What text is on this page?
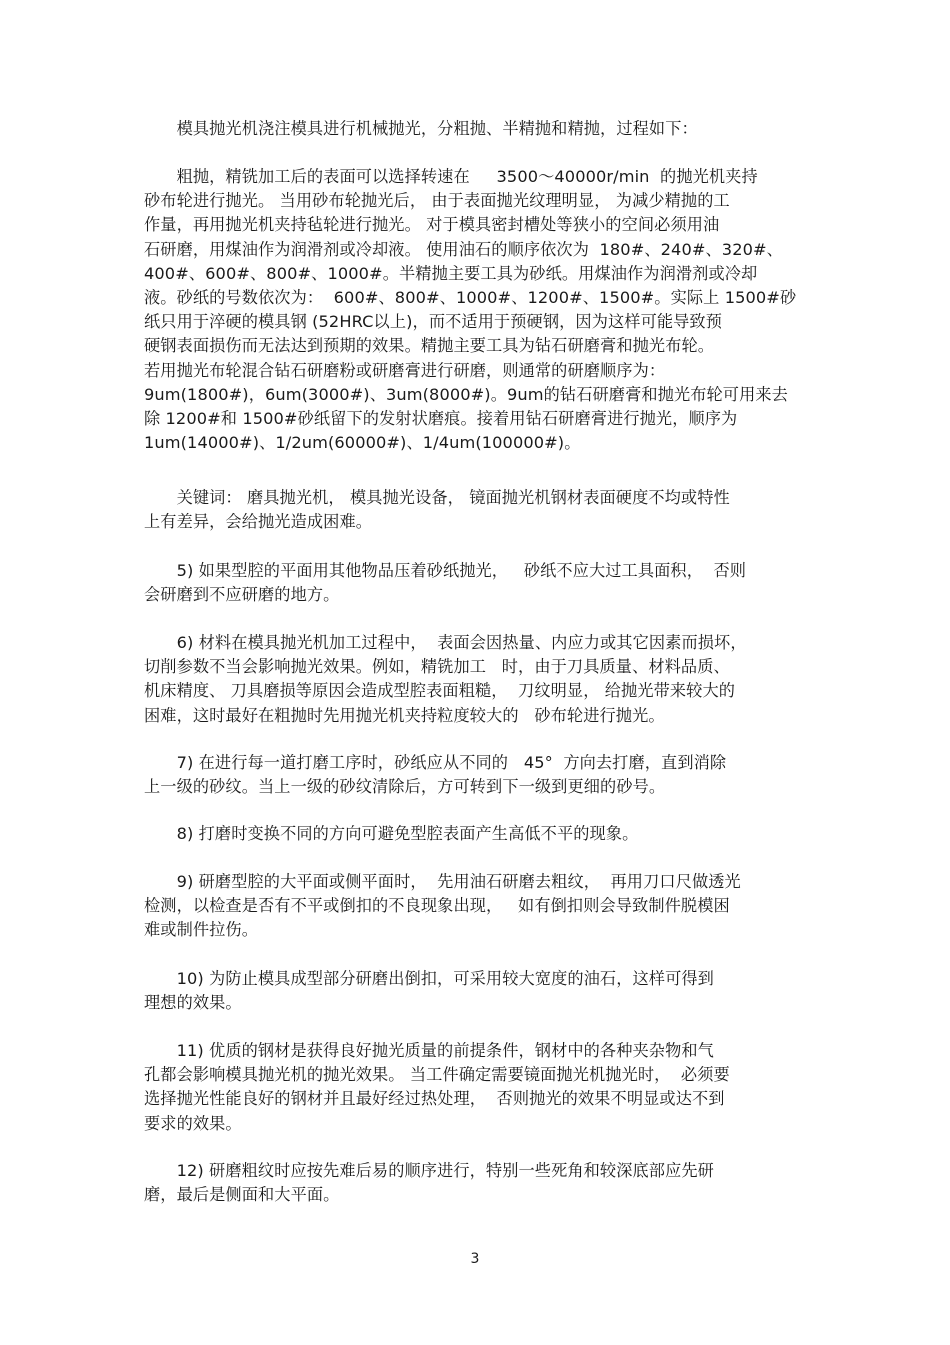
　　模具抛光机浇注模具进行机械抛光，分粗抛、半精抛和精抛，过程如下：
　　粗抛，精铣加工后的表面可以选择转速在　  3500～40000r/min  的抛光机夹持
砂布轮进行抛光。 当用砂布轮抛光后， 由于表面抛光纹理明显， 为减少精抛的工
作量，再用抛光机夹持毡轮进行抛光。 对于模具密封槽处等狭小的空间必须用油
石研磨，用煤油作为润滑剂或冷却液。 使用油石的顺序依次为  180#、240#、320#、
400#、600#、800#、1000#。半精抛主要工具为砂纸。用煤油作为润滑剂或冷却
液。砂纸的号数依次为：  600#、800#、1000#、1200#、1500#。实际上 1500#砂
纸只用于淬硬的模具钢 (52HRC以上)，而不适用于预硬钢，因为这样可能导致预
硬钢表面损伤而无法达到预期的效果。精抛主要工具为钻石研磨膏和抛光布轮。
若用抛光布轮混合钻石研磨粉或研磨膏进行研磨，则通常的研磨顺序为：
9um(1800#)，6um(3000#)、3um(8000#)。9um的钻石研磨膏和抛光布轮可用来去
除 1200#和 1500#砂纸留下的发射状磨痕。接着用钻石研磨膏进行抛光，顺序为
1um(14000#)、1/2um(60000#)、1/4um(100000#)。
　　关键词： 磨具抛光机， 模具抛光设备， 镜面抛光机钢材表面硬度不均或特性
上有差异，会给抛光造成困难。
　　5) 如果型腔的平面用其他物品压着砂纸抛光，   砂纸不应大过工具面积，  否则
会研磨到不应研磨的地方。
　　6) 材料在模具抛光机加工过程中，  表面会因热量、内应力或其它因素而损坏，
切削参数不当会影响抛光效果。例如，精铣加工   时，由于刀具质量、材料品质、
机床精度、 刀具磨损等原因会造成型腔表面粗糙，  刀纹明显， 给抛光带来较大的
困难，这时最好在粗抛时先用抛光机夹持粒度较大的   砂布轮进行抛光。
　　7) 在进行每一道打磨工序时，砂纸应从不同的   45°  方向去打磨，直到消除
上一级的砂纹。当上一级的砂纹清除后，方可转到下一级到更细的砂号。
　　8) 打磨时变换不同的方向可避免型腔表面产生高低不平的现象。
　　9) 研磨型腔的大平面或侧平面时，  先用油石研磨去粗纹，  再用刀口尺做透光
检测，以检查是否有不平或倒扣的不良现象出现，   如有倒扣则会导致制件脱模困
难或制件拉伤。
　　10) 为防止模具成型部分研磨出倒扣，可采用较大宽度的油石，这样可得到
理想的效果。
　　11) 优质的钢材是获得良好抛光质量的前提条件，钢材中的各种夹杂物和气
孔都会影响模具抛光机的抛光效果。 当工件确定需要镜面抛光机抛光时，  必须要
选择抛光性能良好的钢材并且最好经过热处理，  否则抛光的效果不明显或达不到
要求的效果。
　　12) 研磨粗纹时应按先难后易的顺序进行，特别一些死角和较深底部应先研
磨，最后是侧面和大平面。
3
